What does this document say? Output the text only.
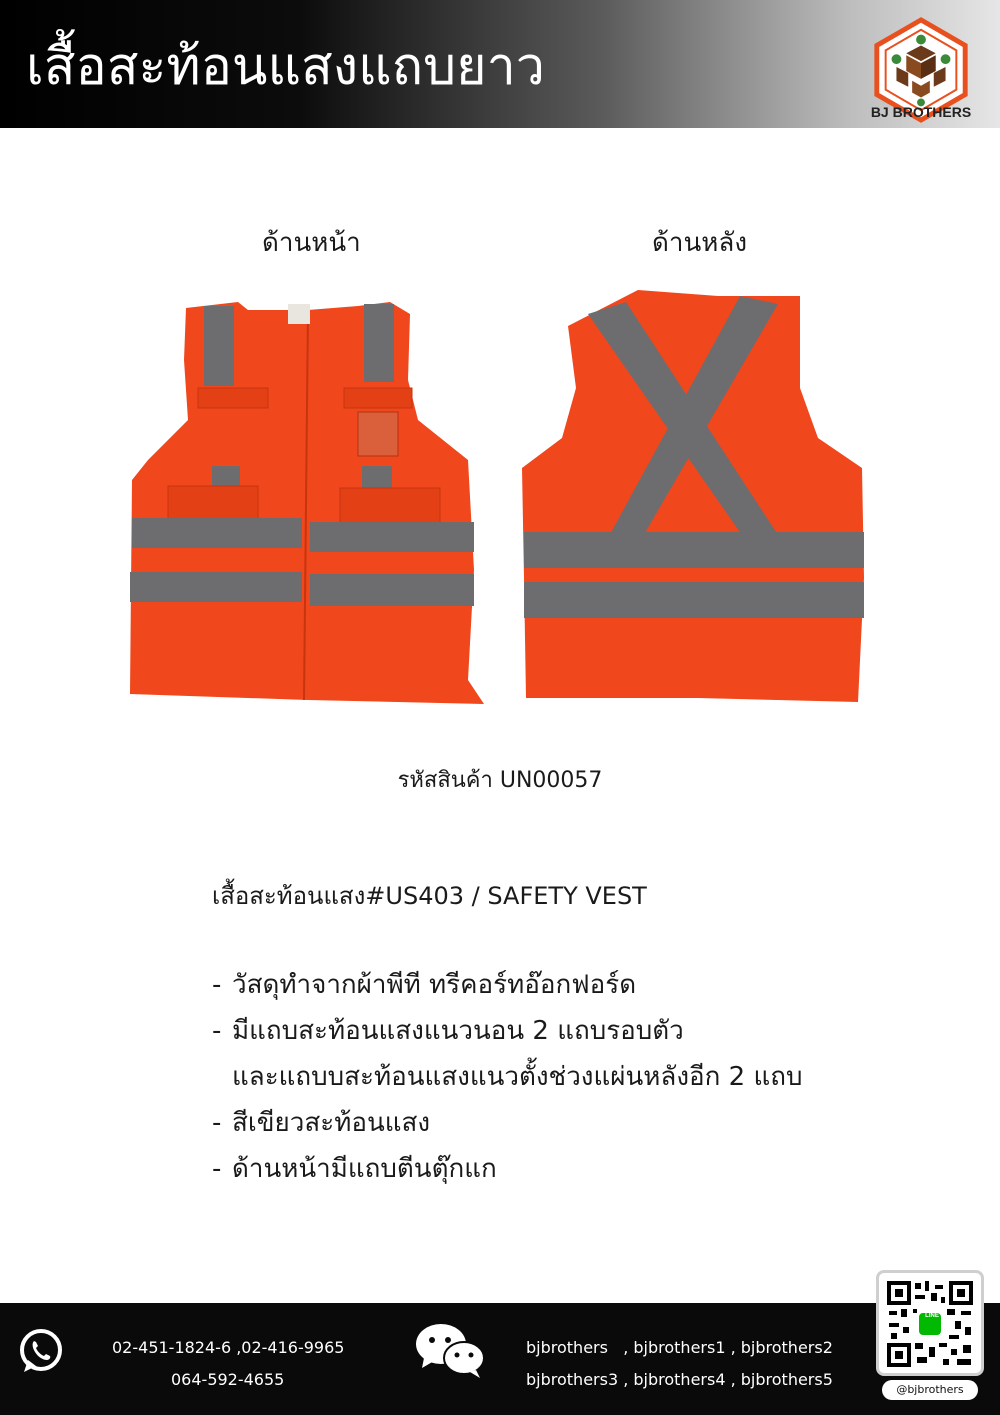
เสื้อสะท้อนแสงแถบยาว
BJ BROTHERS
ด้านหน้า	ด้านหลัง
รหัสสินค้า UN00057
เสื้อสะท้อนแสง#US403 / SAFETY VEST
- วัสดุทำจากผ้าพีที ทรีคอร์ทอ๊อกฟอร์ด
- มีแถบสะท้อนแสงแนวนอน 2 แถบรอบตัว
และแถบบสะท้อนแสงแนวตั้งช่วงแผ่นหลังอีก 2 แถบ
- สีเขียวสะท้อนแสง
- ด้านหน้ามีแถบตีนตุ๊กแก
02-451-1824-6 ,02-416-9965
064-592-4655
bjbrothers   , bjbrothers1 , bjbrothers2
bjbrothers3 , bjbrothers4 , bjbrothers5
LINE
@bjbrothers
